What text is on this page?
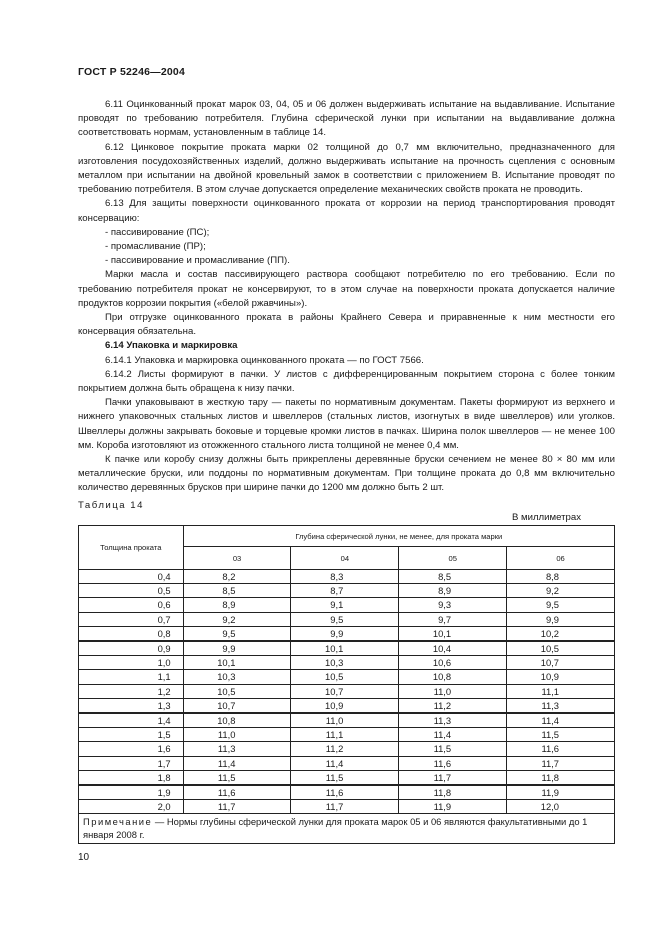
ГОСТ Р 52246—2004

6.11 Оцинкованный прокат марок 03, 04, 05 и 06 должен выдерживать испытание на выдавливание. Испытание проводят по требованию потребителя. Глубина сферической лунки при испытании на выдавливание должна соответствовать нормам, установленным в таблице 14.

6.12 Цинковое покрытие проката марки 02 толщиной до 0,7 мм включительно, предназначенного для изготовления посудохозяйственных изделий, должно выдерживать испытание на прочность сцепления с основным металлом при испытании на двойной кровельный замок в соответствии с приложением В. Испытание проводят по требованию потребителя. В этом случае допускается определение механических свойств проката не проводить.

6.13 Для защиты поверхности оцинкованного проката от коррозии на период транспортирования проводят консервацию:

- пассивирование (ПС);

- промасливание (ПР);

- пассивирование и промасливание (ПП).

Марки масла и состав пассивирующего раствора сообщают потребителю по его требованию. Если по требованию потребителя прокат не консервируют, то в этом случае на поверхности проката допускается наличие продуктов коррозии покрытия («белой ржавчины»).

При отгрузке оцинкованного проката в районы Крайнего Севера и приравненные к ним местности его консервация обязательна.

6.14 Упаковка и маркировка

6.14.1 Упаковка и маркировка оцинкованного проката — по ГОСТ 7566.

6.14.2 Листы формируют в пачки. У листов с дифференцированным покрытием сторона с более тонким покрытием должна быть обращена к низу пачки.

Пачки упаковывают в жесткую тару — пакеты по нормативным документам. Пакеты формируют из верхнего и нижнего упаковочных стальных листов и швеллеров (стальных листов, изогнутых в виде швеллеров) или уголков. Швеллеры должны закрывать боковые и торцевые кромки листов в пачках. Ширина полок швеллеров — не менее 100 мм. Короба изготовляют из отожженного стального листа толщиной не менее 0,4 мм.

К пачке или коробу снизу должны быть прикреплены деревянные бруски сечением не менее 80 × 80 мм или металлические бруски, или поддоны по нормативным документам. При толщине проката до 0,8 мм включительно количество деревянных брусков при ширине пачки до 1200 мм должно быть 2 шт.

Таблица 14
В миллиметрах
Толщина проката	Глубина сферической лунки, не менее, для проката марки			
	03	04	05	06
0,4	8,2	8,3	8,5	8,8
0,5	8,5	8,7	8,9	9,2
0,6	8,9	9,1	9,3	9,5
0,7	9,2	9,5	9,7	9,9
0,8	9,5	9,9	10,1	10,2
0,9	9,9	10,1	10,4	10,5
1,0	10,1	10,3	10,6	10,7
1,1	10,3	10,5	10,8	10,9
1,2	10,5	10,7	11,0	11,1
1,3	10,7	10,9	11,2	11,3
1,4	10,8	11,0	11,3	11,4
1,5	11,0	11,1	11,4	11,5
1,6	11,3	11,2	11,5	11,6
1,7	11,4	11,4	11,6	11,7
1,8	11,5	11,5	11,7	11,8
1,9	11,6	11,6	11,8	11,9
2,0	11,7	11,7	11,9	12,0
Примечание — Нормы глубины сферической лунки для проката марок 05 и 06 являются факультативными до 1 января 2008 г.				
10
